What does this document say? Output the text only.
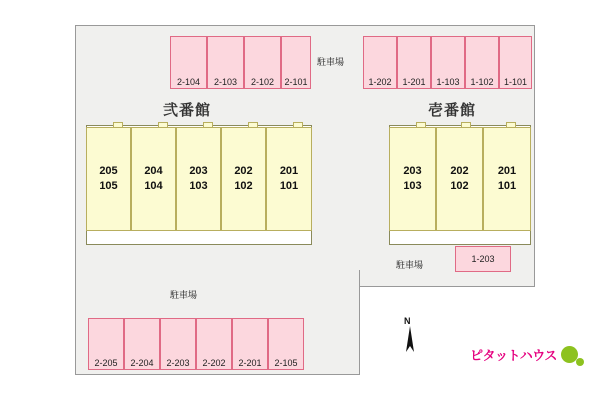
2-104 2-103 2-102 2-101
駐車場
1-202 1-201 1-103 1-102 1-101
弐番館	壱番館
205
105
204
104
203
103
202
102
201
101
203
103
202
102
201
101
駐車場
1-203
駐車場
2-205 2-204 2-203 2-202 2-201 2-105
N
ピタットハウス
